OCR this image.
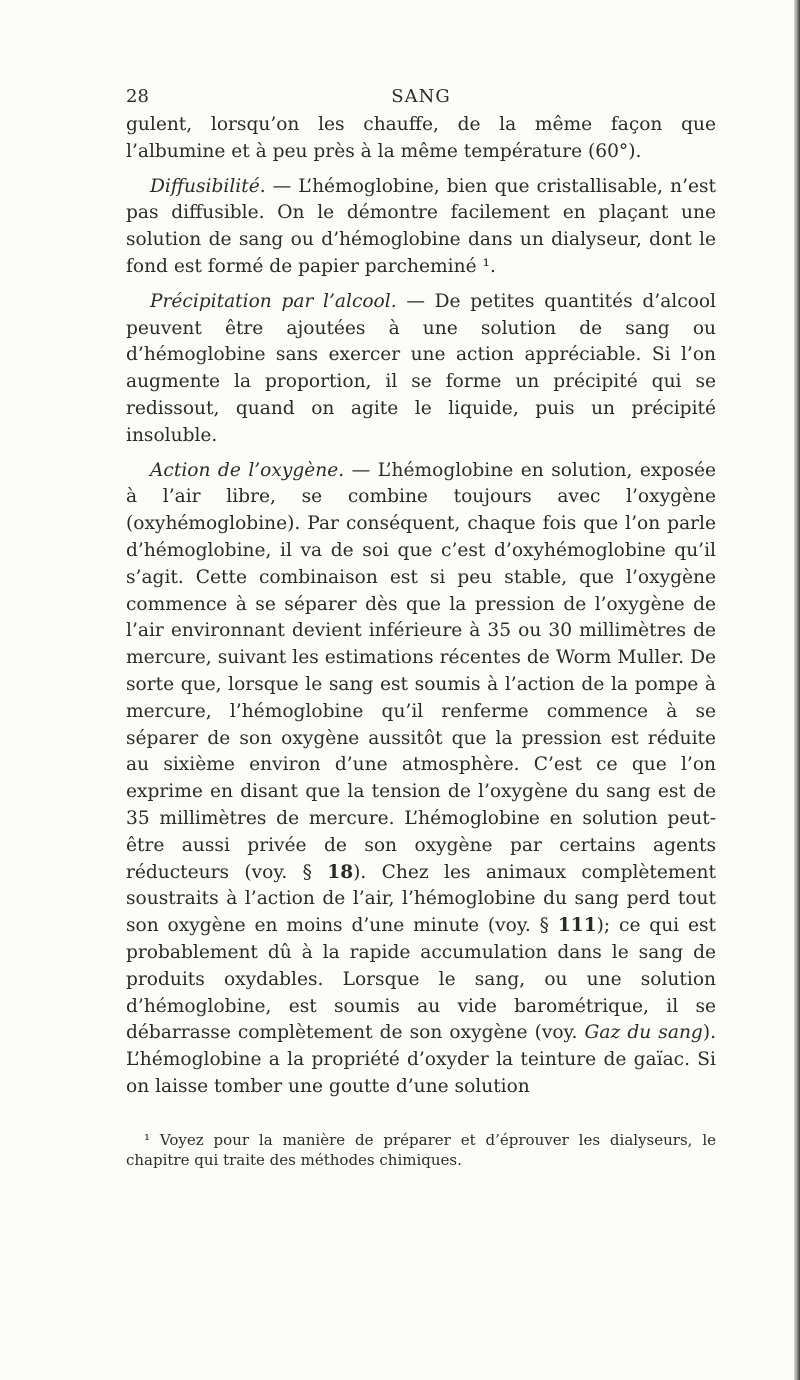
28	SANG

gulent, lorsqu’on les chauffe, de la même façon que l’albumine et à peu près à la même température (60°).

Diffusibilité. — L’hémoglobine, bien que cristallisable, n’est pas diffusible. On le démontre facilement en plaçant une solution de sang ou d’hémoglobine dans un dialyseur, dont le fond est formé de papier parcheminé ¹.

Précipitation par l’alcool. — De petites quantités d’alcool peuvent être ajoutées à une solution de sang ou d’hémoglobine sans exercer une action appréciable. Si l’on augmente la proportion, il se forme un précipité qui se redissout, quand on agite le liquide, puis un précipité insoluble.

Action de l’oxygène. — L’hémoglobine en solution, exposée à l’air libre, se combine toujours avec l’oxygène (oxyhémoglobine). Par conséquent, chaque fois que l’on parle d’hémoglobine, il va de soi que c’est d’oxyhémoglobine qu’il s’agit. Cette combinaison est si peu stable, que l’oxygène commence à se séparer dès que la pression de l’oxygène de l’air environnant devient inférieure à 35 ou 30 millimètres de mercure, suivant les estimations récentes de Worm Muller. De sorte que, lorsque le sang est soumis à l’action de la pompe à mercure, l’hémoglobine qu’il renferme commence à se séparer de son oxygène aussitôt que la pression est réduite au sixième environ d’une atmosphère. C’est ce que l’on exprime en disant que la tension de l’oxygène du sang est de 35 millimètres de mercure. L’hémoglobine en solution peut-être aussi privée de son oxygène par certains agents réducteurs (voy. § 18). Chez les animaux complètement soustraits à l’action de l’air, l’hémoglobine du sang perd tout son oxygène en moins d’une minute (voy. § 111); ce qui est probablement dû à la rapide accumulation dans le sang de produits oxydables. Lorsque le sang, ou une solution d’hémoglobine, est soumis au vide barométrique, il se débarrasse complètement de son oxygène (voy. Gaz du sang). L’hémoglobine a la propriété d’oxyder la teinture de gaïac. Si on laisse tomber une goutte d’une solution

¹ Voyez pour la manière de préparer et d’éprouver les dialyseurs, le chapitre qui traite des méthodes chimiques.
